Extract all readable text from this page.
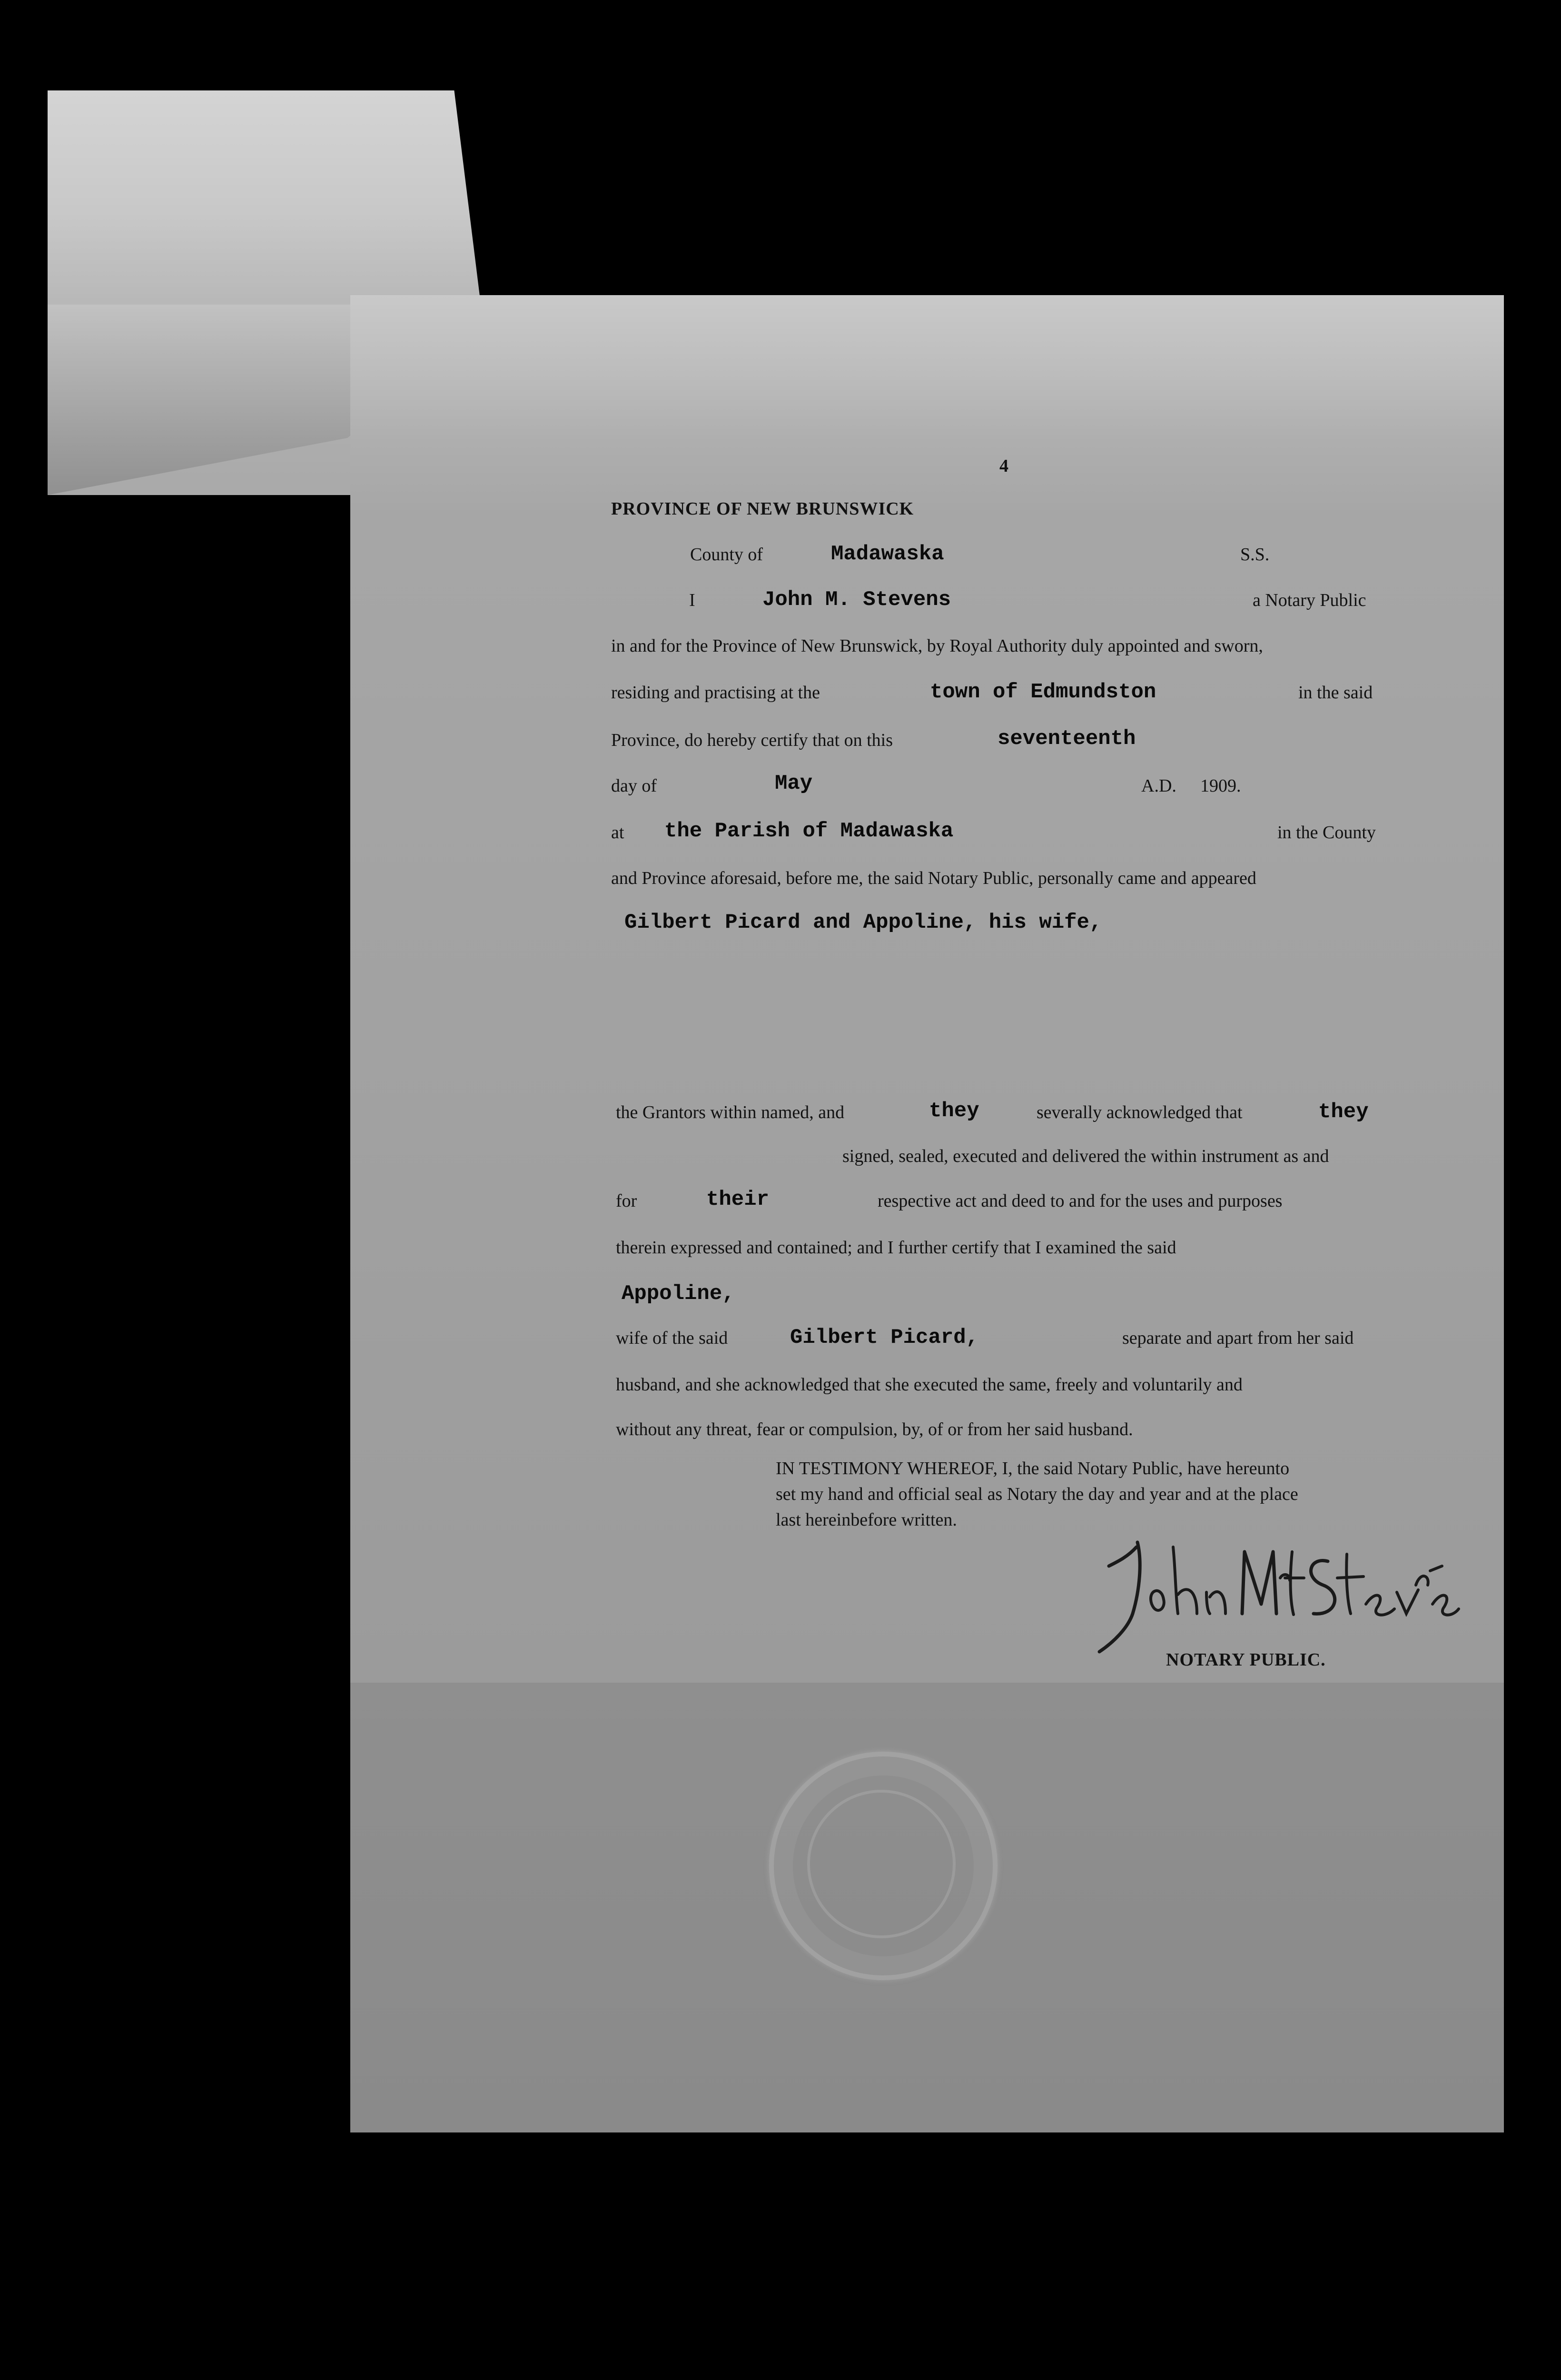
4
PROVINCE OF NEW BRUNSWICK
County of	Madawaska	S.S.
I	John M. Stevens	a Notary Public
in and for the Province of New Brunswick, by Royal Authority duly appointed and sworn,
residing and practising at the	town of Edmundston	in the said
Province, do hereby certify that on this	seventeenth
day of	May	A.D. 1909.
at the Parish of Madawaska	in the County
and Province aforesaid, before me, the said Notary Public, personally came and appeared
Gilbert Picard and Appoline, his wife,
the Grantors within named, and	they	severally acknowledged that	they
signed, sealed, executed and delivered the within instrument as and
for	their	respective act and deed to and for the uses and purposes
therein expressed and contained; and I further certify that I examined the said
Appoline,
wife of the said	Gilbert Picard,	separate and apart from her said
husband, and she acknowledged that she executed the same, freely and voluntarily and
without any threat, fear or compulsion, by, of or from her said husband.
IN TESTIMONY WHEREOF, I, the said Notary Public, have hereunto
set my hand and official seal as Notary the day and year and at the place
last hereinbefore written.
NOTARY PUBLIC.
